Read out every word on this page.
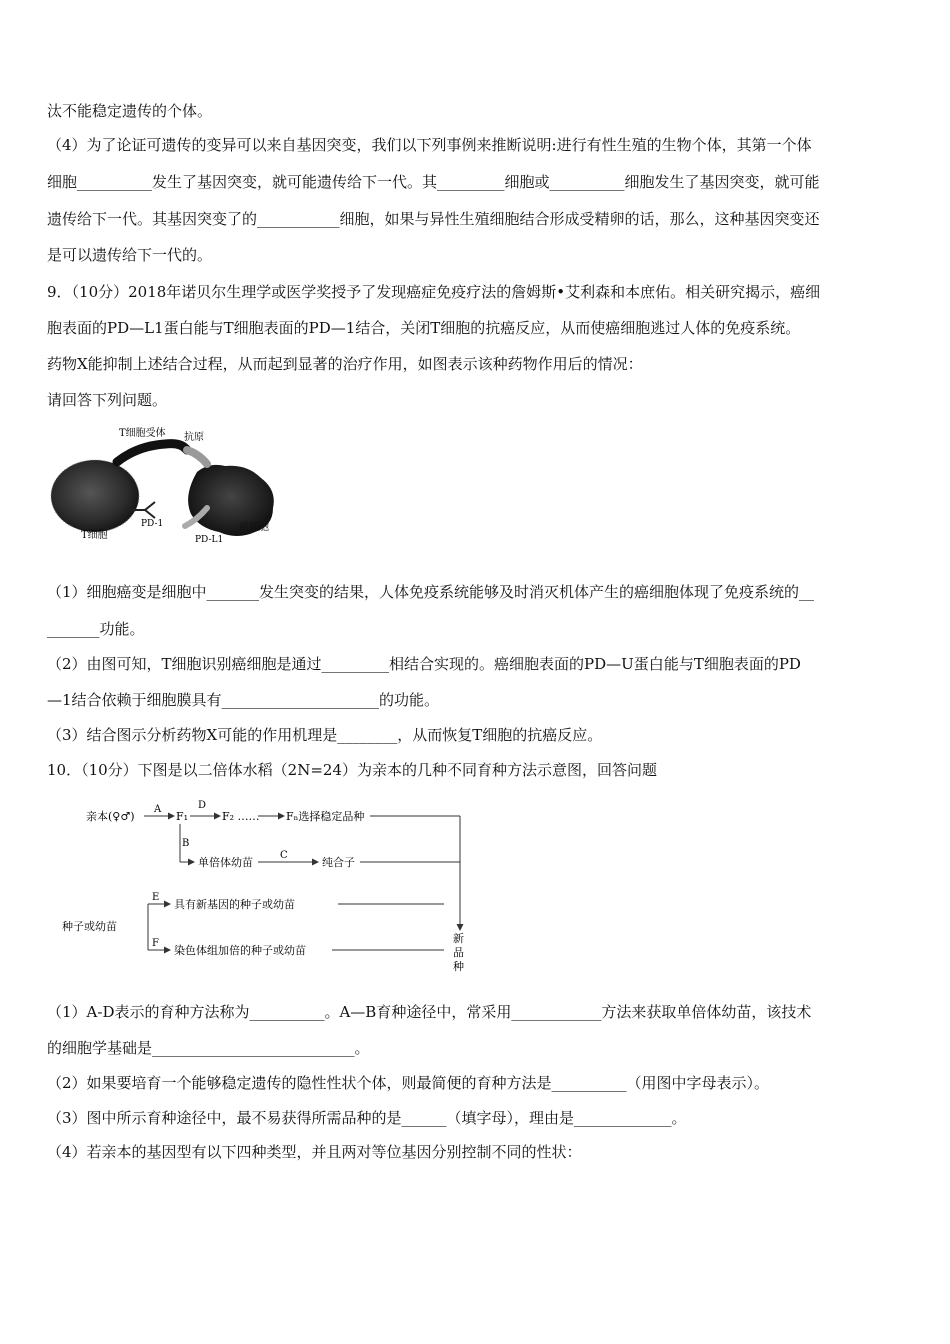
汰不能稳定遗传的个体。
（4）为了论证可遗传的变异可以来自基因突变，我们以下列事例来推断说明:进行有性生殖的生物个体，其第一个体
细胞__________发生了基因突变，就可能遗传给下一代。其_________细胞或__________细胞发生了基因突变，就可能
遗传给下一代。其基因突变了的___________细胞，如果与异性生殖细胞结合形成受精卵的话，那么，这种基因突变还
是可以遗传给下一代的。
9．（10分）2018年诺贝尔生理学或医学奖授予了发现癌症免疫疗法的詹姆斯•艾利森和本庶佑。相关研究揭示，癌细
胞表面的PD—L1蛋白能与T细胞表面的PD—1结合，关闭T细胞的抗癌反应，从而使癌细胞逃过人体的免疫系统。
药物X能抑制上述结合过程，从而起到显著的治疗作用，如图表示该种药物作用后的情况：
请回答下列问题。
T细胞受体 抗原
PD-1
T细胞	PD-L1
癌细胞
（1）细胞癌变是细胞中_______发生突变的结果，人体免疫系统能够及时消灭机体产生的癌细胞体现了免疫系统的__
_______功能。
（2）由图可知，T细胞识别癌细胞是通过_________相结合实现的。癌细胞表面的PD—U蛋白能与T细胞表面的PD
—1结合依赖于细胞膜具有_____________________的功能。
（3）结合图示分析药物X可能的作用机理是________，从而恢复T细胞的抗癌反应。
10．（10分）下图是以二倍体水稻（2N=24）为亲本的几种不同育种方法示意图，回答问题
亲本(♀♂)
A
F₁
D
F₂ …… Fₙ选择稳定品种
B
单倍体幼苗
C
纯合子
E
具有新基因的种子或幼苗
种子或幼苗
F
染色体组加倍的种子或幼苗
新
品
种
（1）A-D表示的育种方法称为__________。A—B育种途径中，常采用____________方法来获取单倍体幼苗，该技术
的细胞学基础是___________________________。
（2）如果要培育一个能够稳定遗传的隐性性状个体，则最简便的育种方法是__________（用图中字母表示）。
（3）图中所示育种途径中，最不易获得所需品种的是______（填字母），理由是_____________。
（4）若亲本的基因型有以下四种类型，并且两对等位基因分别控制不同的性状：
